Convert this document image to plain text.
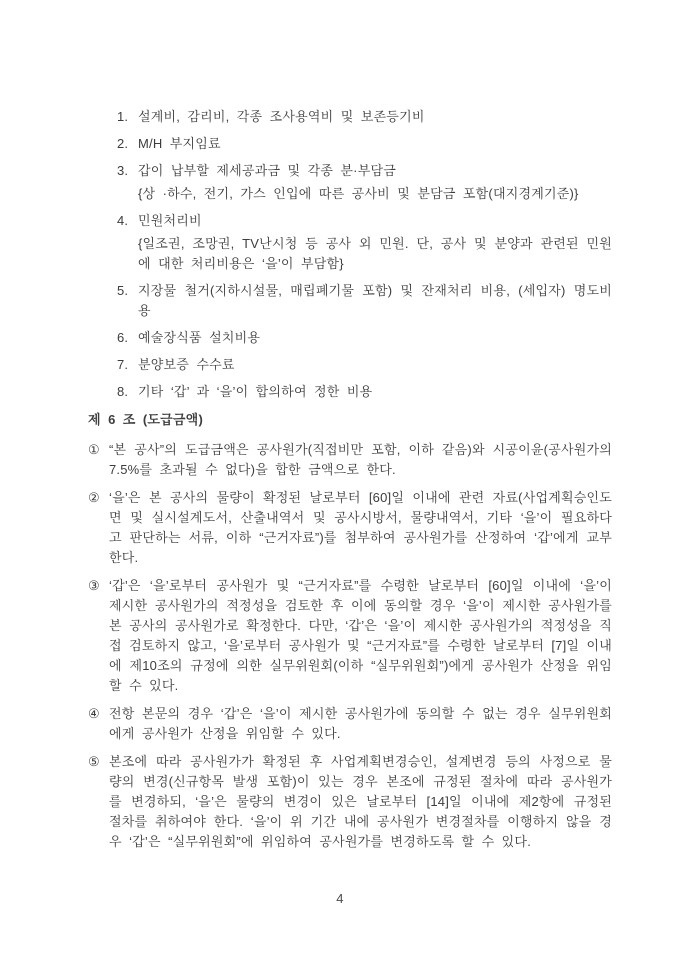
1. 설계비, 감리비, 각종 조사용역비 및 보존등기비
2. M/H 부지임료
3. 갑이 납부할 제세공과금 및 각종 분·부담금
{상 ·하수, 전기, 가스 인입에 따른 공사비 및 분담금 포함(대지경계기준)}
4. 민원처리비
{일조권, 조망권, TV난시청 등 공사 외 민원. 단, 공사 및 분양과 관련된 민원에 대한 처리비용은 ‘을’이 부담함}
5. 지장물 철거(지하시설물, 매립폐기물 포함) 및 잔재처리 비용, (세입자) 명도비용
6. 예술장식품 설치비용
7. 분양보증 수수료
8. 기타 ‘갑’ 과 ‘을’이 합의하여 정한 비용
제 6 조 (도급금액)
① “본 공사”의 도급금액은 공사원가(직접비만 포함, 이하 같음)와 시공이윤(공사원가의 7.5%를 초과될 수 없다)을 합한 금액으로 한다.
② ‘을’은 본 공사의 물량이 확정된 날로부터 [60]일 이내에 관련 자료(사업계획승인도면 및 실시설계도서, 산출내역서 및 공사시방서, 물량내역서, 기타 ‘을’이 필요하다고 판단하는 서류, 이하 “근거자료”)를 첨부하여 공사원가를 산정하여 ‘갑’에게 교부한다.
③ ‘갑’은 ‘을’로부터 공사원가 및 “근거자료”를 수령한 날로부터 [60]일 이내에 ‘을’이 제시한 공사원가의 적정성을 검토한 후 이에 동의할 경우 ‘을’이 제시한 공사원가를 본 공사의 공사원가로 확정한다. 다만, ‘갑’은 ‘을’이 제시한 공사원가의 적정성을 직접 검토하지 않고, ‘을’로부터 공사원가 및 “근거자료”를 수령한 날로부터 [7]일 이내에 제10조의 규정에 의한 실무위원회(이하 “실무위원회”)에게 공사원가 산정을 위임할 수 있다.
④ 전항 본문의 경우 ‘갑’은 ‘을’이 제시한 공사원가에 동의할 수 없는 경우 실무위원회에게 공사원가 산정을 위임할 수 있다.
⑤ 본조에 따라 공사원가가 확정된 후 사업계획변경승인, 설계변경 등의 사정으로 물량의 변경(신규항목 발생 포함)이 있는 경우 본조에 규정된 절차에 따라 공사원가를 변경하되, ‘을’은 물량의 변경이 있은 날로부터 [14]일 이내에 제2항에 규정된 절차를 취하여야 한다. ‘을’이 위 기간 내에 공사원가 변경절차를 이행하지 않을 경우 ‘갑’은 “실무위원회”에 위임하여 공사원가를 변경하도록 할 수 있다.
4
